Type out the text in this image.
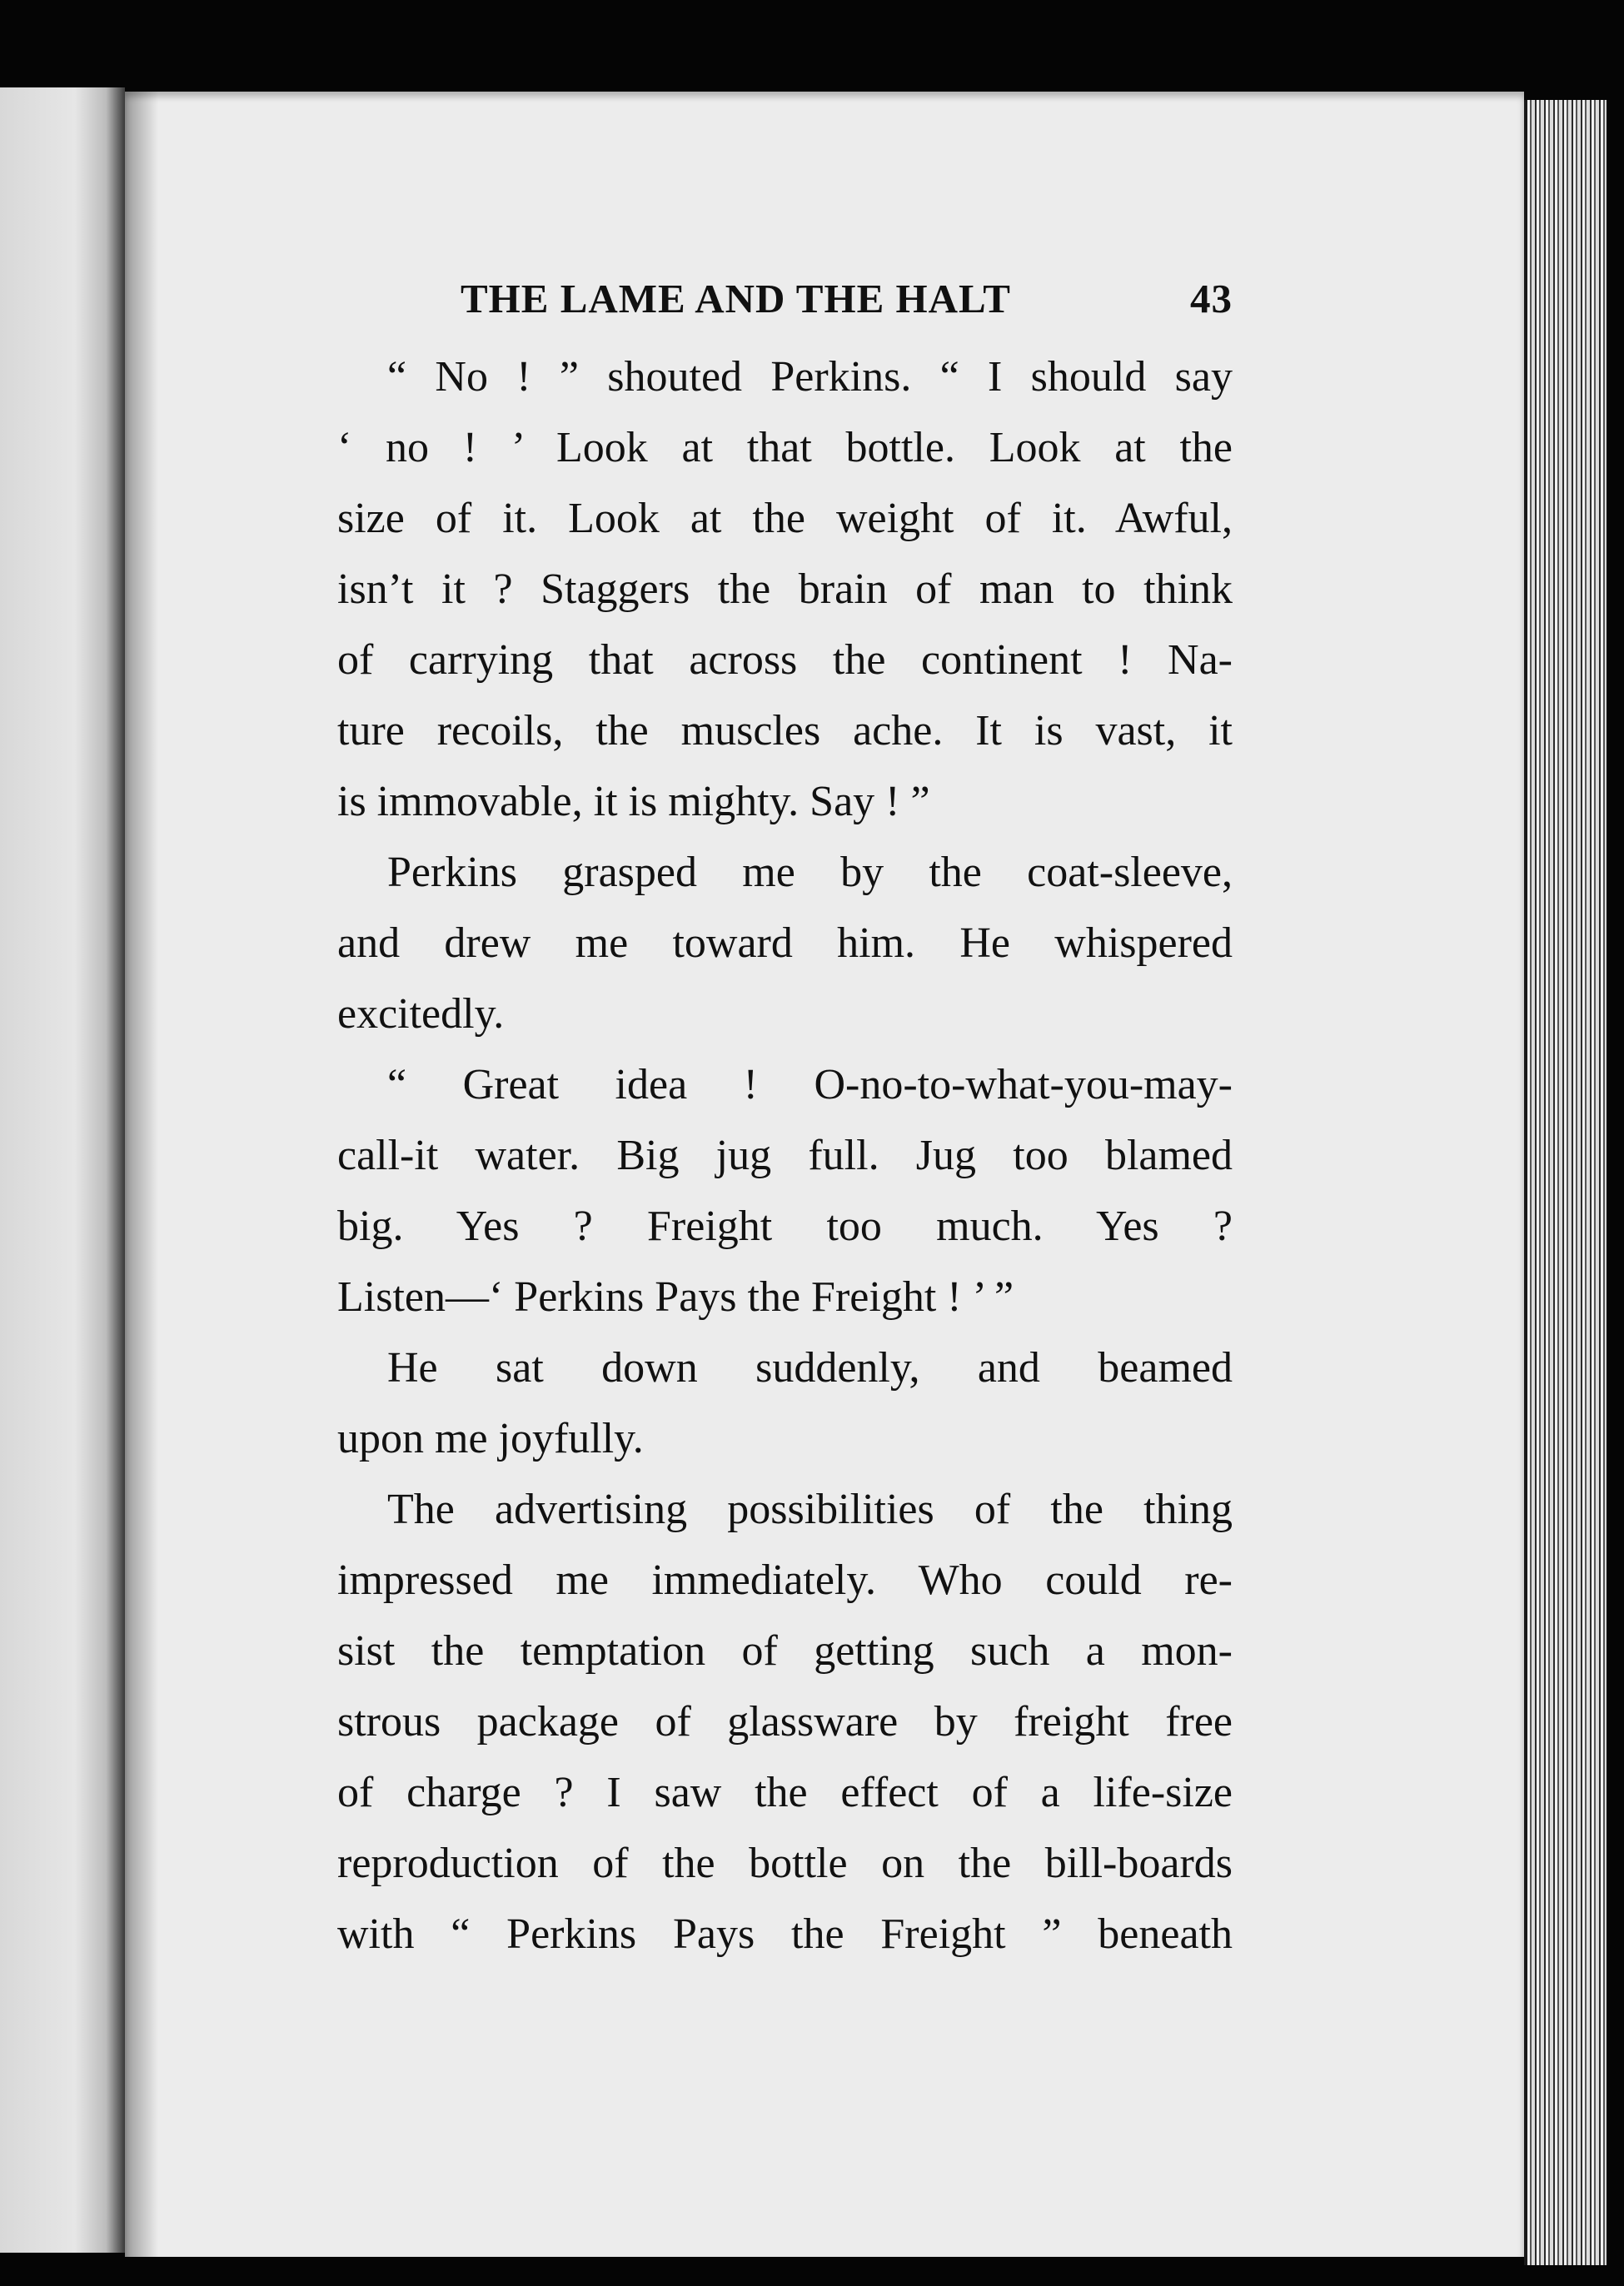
THE LAME AND THE HALT	43
“ No ! ” shouted Perkins. “ I should say
‘ no ! ’ Look at that bottle. Look at the
size of it. Look at the weight of it. Awful,
isn’t it ? Staggers the brain of man to think
of carrying that across the continent ! Na-
ture recoils, the muscles ache. It is vast, it
is immovable, it is mighty. Say ! ”
Perkins grasped me by the coat-sleeve,
and drew me toward him. He whispered
excitedly.
“ Great idea ! O-no-to-what-you-may-
call-it water. Big jug full. Jug too blamed
big. Yes ? Freight too much. Yes ?
Listen—‘ Perkins Pays the Freight ! ’ ”
He sat down suddenly, and beamed
upon me joyfully.
The advertising possibilities of the thing
impressed me immediately. Who could re-
sist the temptation of getting such a mon-
strous package of glassware by freight free
of charge ? I saw the effect of a life-size
reproduction of the bottle on the bill-boards
with “ Perkins Pays the Freight ” beneath
